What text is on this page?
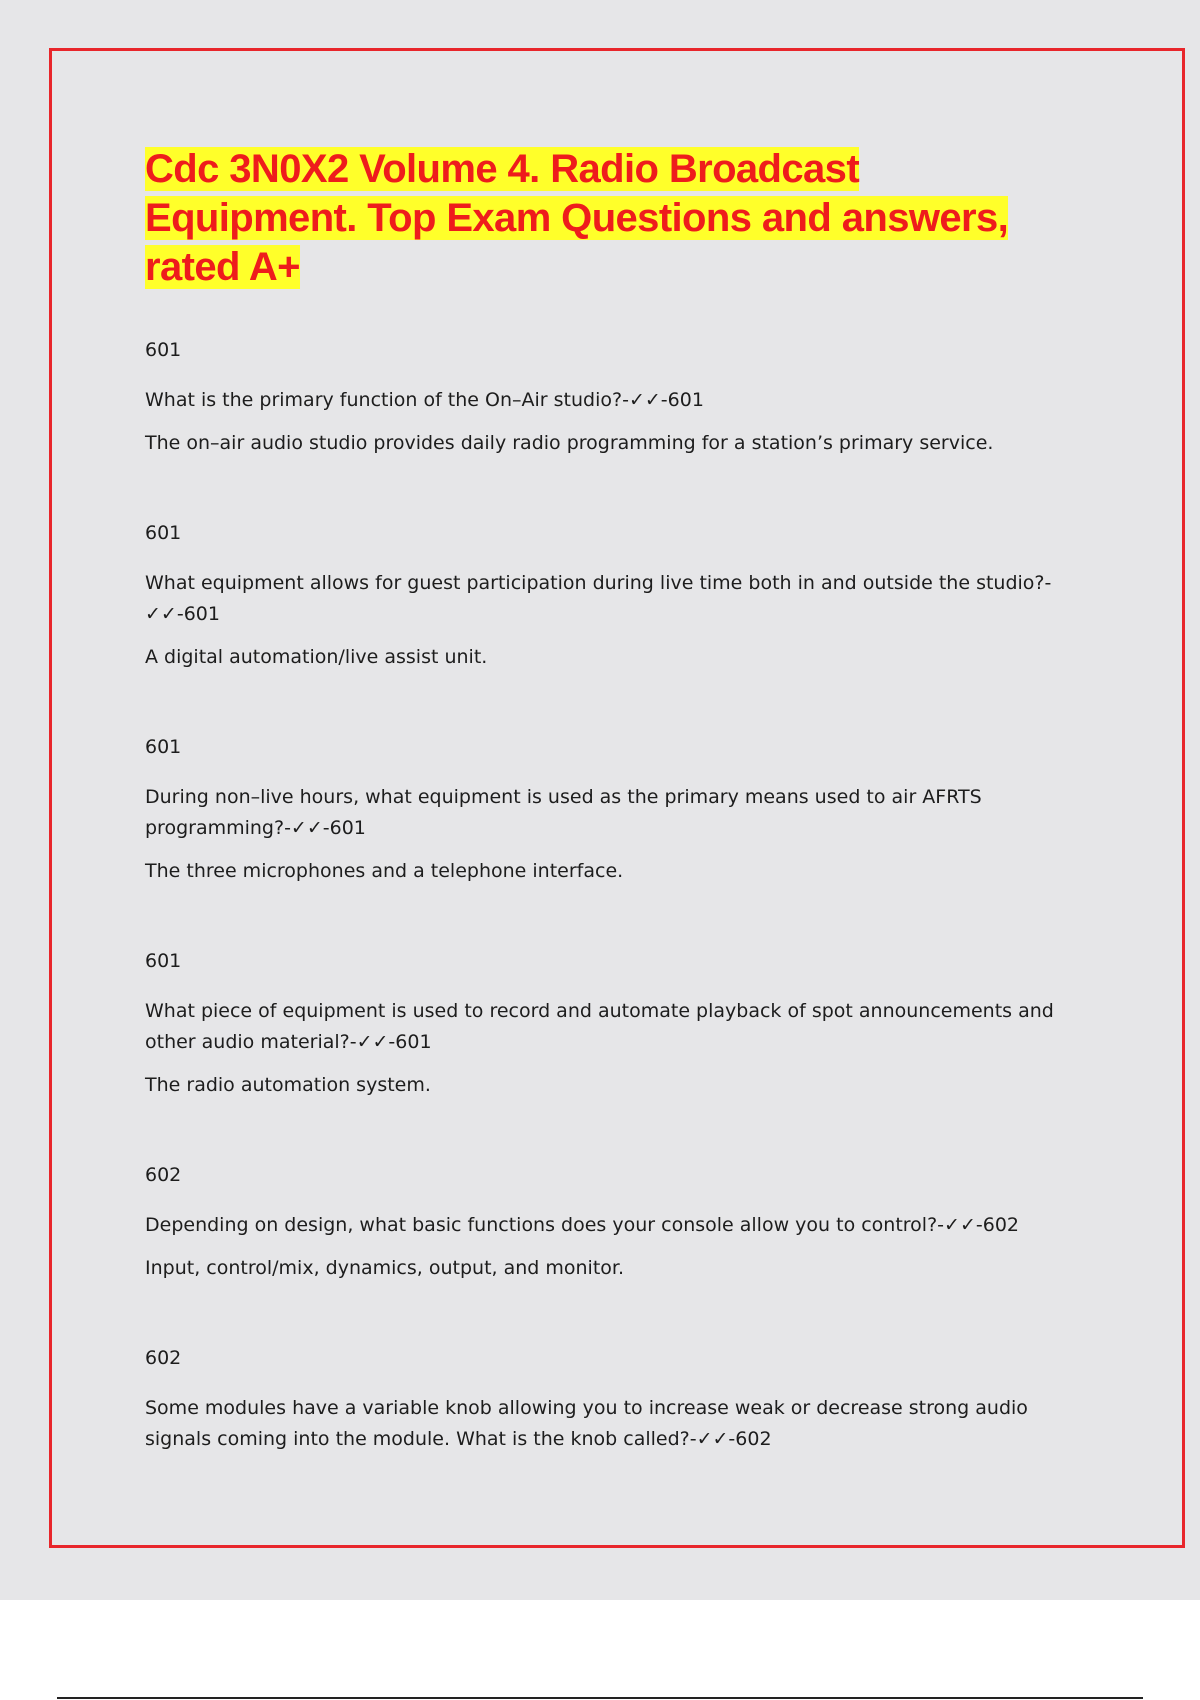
Cdc 3N0X2 Volume 4. Radio Broadcast Equipment. Top Exam Questions and answers, rated A+

601

What is the primary function of the On–Air studio?-✓✓-601

The on–air audio studio provides daily radio programming for a station’s primary service.

601

What equipment allows for guest participation during live time both in and outside the studio?-✓✓-601

A digital automation/live assist unit.

601

During non–live hours, what equipment is used as the primary means used to air AFRTS programming?-✓✓-601

The three microphones and a telephone interface.

601

What piece of equipment is used to record and automate playback of spot announcements and other audio material?-✓✓-601

The radio automation system.

602

Depending on design, what basic functions does your console allow you to control?-✓✓-602

Input, control/mix, dynamics, output, and monitor.

602

Some modules have a variable knob allowing you to increase weak or decrease strong audio signals coming into the module. What is the knob called?-✓✓-602
